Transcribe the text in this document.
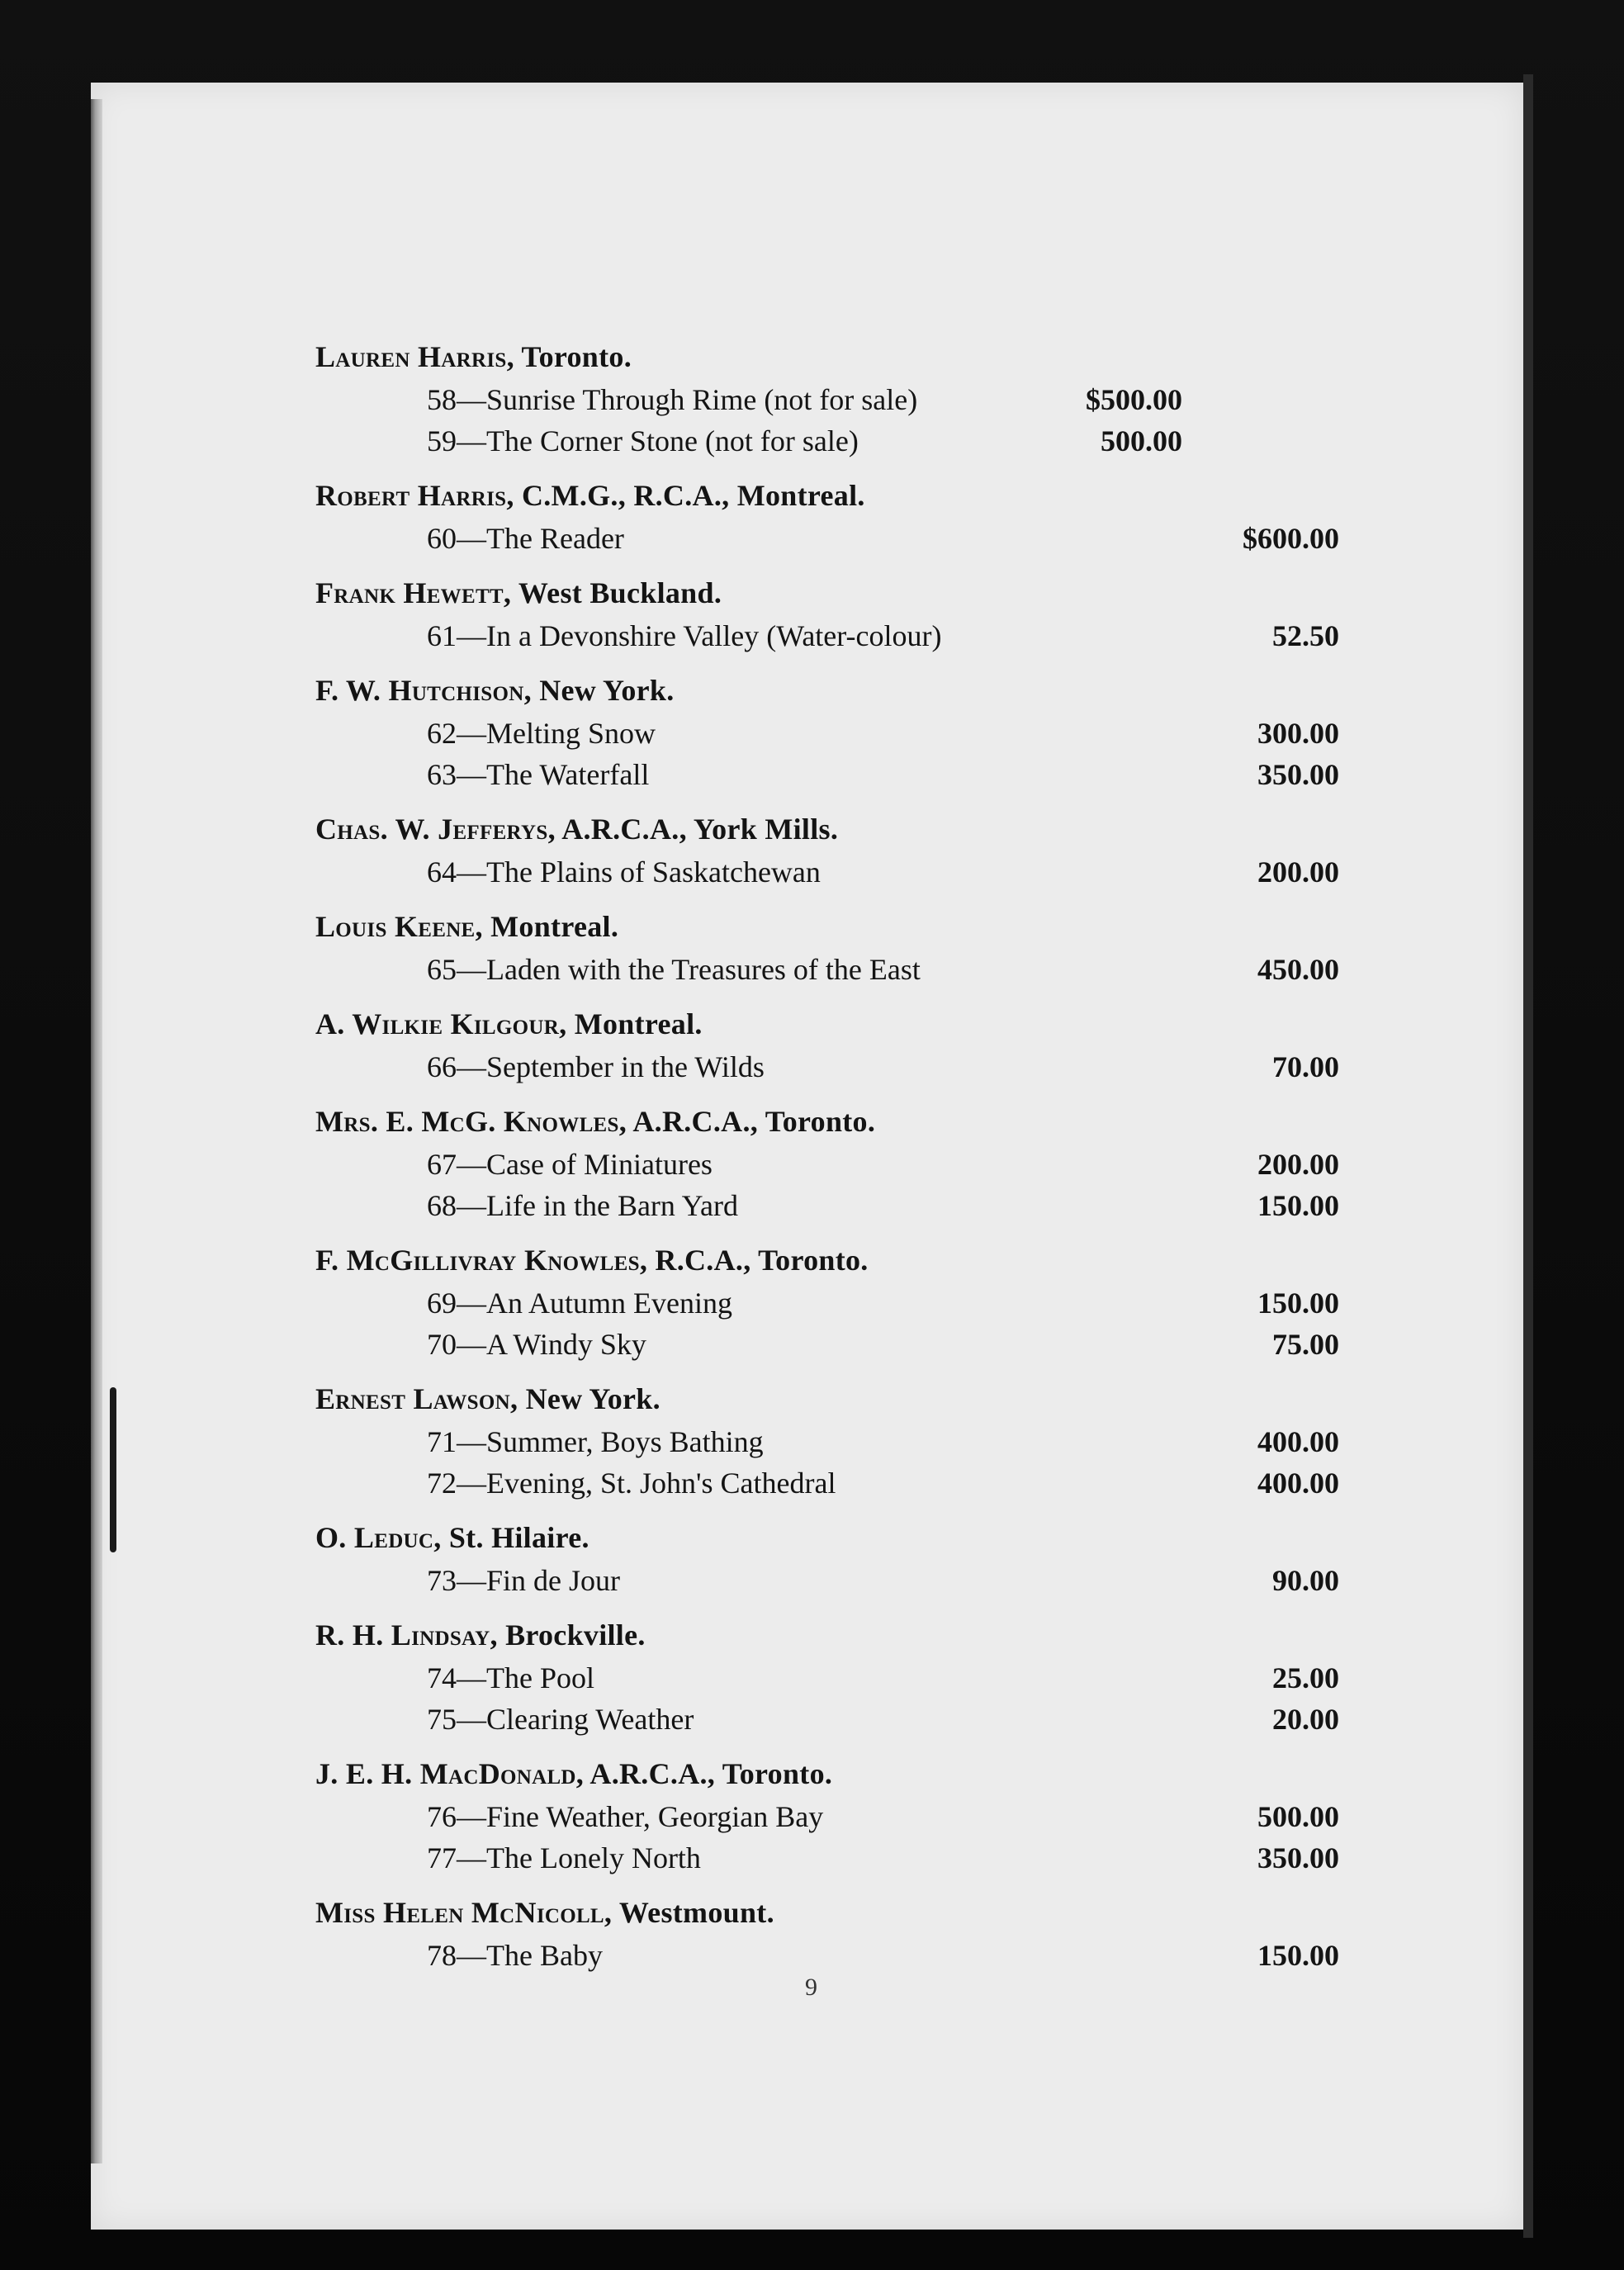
Lauren Harris, Toronto.
58—Sunrise Through Rime (not for sale)	$500.00
59—The Corner Stone (not for sale)	500.00
Robert Harris, C.M.G., R.C.A., Montreal.
60—The Reader	$600.00
Frank Hewett, West Buckland.
61—In a Devonshire Valley (Water-colour)	52.50
F. W. Hutchison, New York.
62—Melting Snow	300.00
63—The Waterfall	350.00
Chas. W. Jefferys, A.R.C.A., York Mills.
64—The Plains of Saskatchewan	200.00
Louis Keene, Montreal.
65—Laden with the Treasures of the East	450.00
A. Wilkie Kilgour, Montreal.
66—September in the Wilds	70.00
Mrs. E. McG. Knowles, A.R.C.A., Toronto.
67—Case of Miniatures	200.00
68—Life in the Barn Yard	150.00
F. McGillivray Knowles, R.C.A., Toronto.
69—An Autumn Evening	150.00
70—A Windy Sky	75.00
Ernest Lawson, New York.
71—Summer, Boys Bathing	400.00
72—Evening, St. John's Cathedral	400.00
O. Leduc, St. Hilaire.
73—Fin de Jour	90.00
R. H. Lindsay, Brockville.
74—The Pool	25.00
75—Clearing Weather	20.00
J. E. H. MacDonald, A.R.C.A., Toronto.
76—Fine Weather, Georgian Bay	500.00
77—The Lonely North	350.00
Miss Helen McNicoll, Westmount.
78—The Baby	150.00
9
